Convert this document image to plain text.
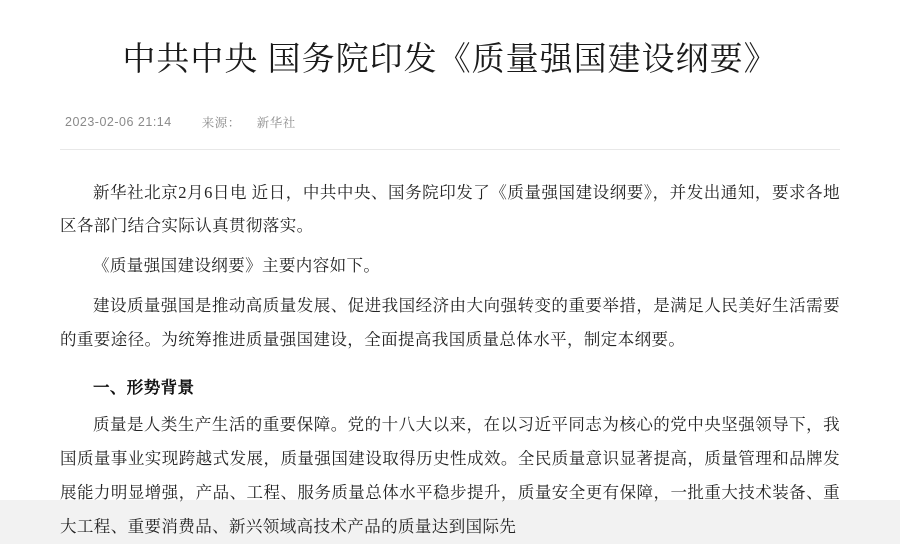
中共中央 国务院印发《质量强国建设纲要》
2023-02-06 21:14 来源： 新华社

新华社北京2月6日电 近日，中共中央、国务院印发了《质量强国建设纲要》，并发出通知，要求各地区各部门结合实际认真贯彻落实。

《质量强国建设纲要》主要内容如下。

建设质量强国是推动高质量发展、促进我国经济由大向强转变的重要举措，是满足人民美好生活需要的重要途径。为统筹推进质量强国建设，全面提高我国质量总体水平，制定本纲要。

一、形势背景

质量是人类生产生活的重要保障。党的十八大以来，在以习近平同志为核心的党中央坚强领导下，我国质量事业实现跨越式发展，质量强国建设取得历史性成效。全民质量意识显著提高，质量管理和品牌发展能力明显增强，产品、工程、服务质量总体水平稳步提升，质量安全更有保障，一批重大技术装备、重大工程、重要消费品、新兴领域高技术产品的质量达到国际先
